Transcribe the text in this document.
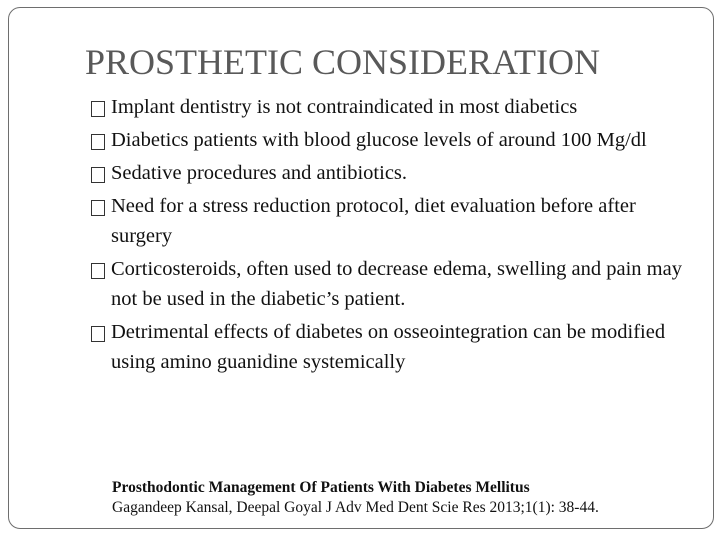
PROSTHETIC CONSIDERATION
Implant dentistry is not contraindicated in most diabetics
Diabetics patients with blood glucose levels of around 100 Mg/dl
Sedative procedures and antibiotics.
Need for a stress reduction protocol, diet evaluation before after surgery
Corticosteroids, often used to decrease edema, swelling and pain may not be used in the diabetic’s patient.
Detrimental effects of diabetes on osseointegration can be modified using amino guanidine systemically
Prosthodontic Management Of Patients With Diabetes Mellitus
Gagandeep Kansal, Deepal Goyal J Adv Med Dent Scie Res 2013;1(1): 38-44.
